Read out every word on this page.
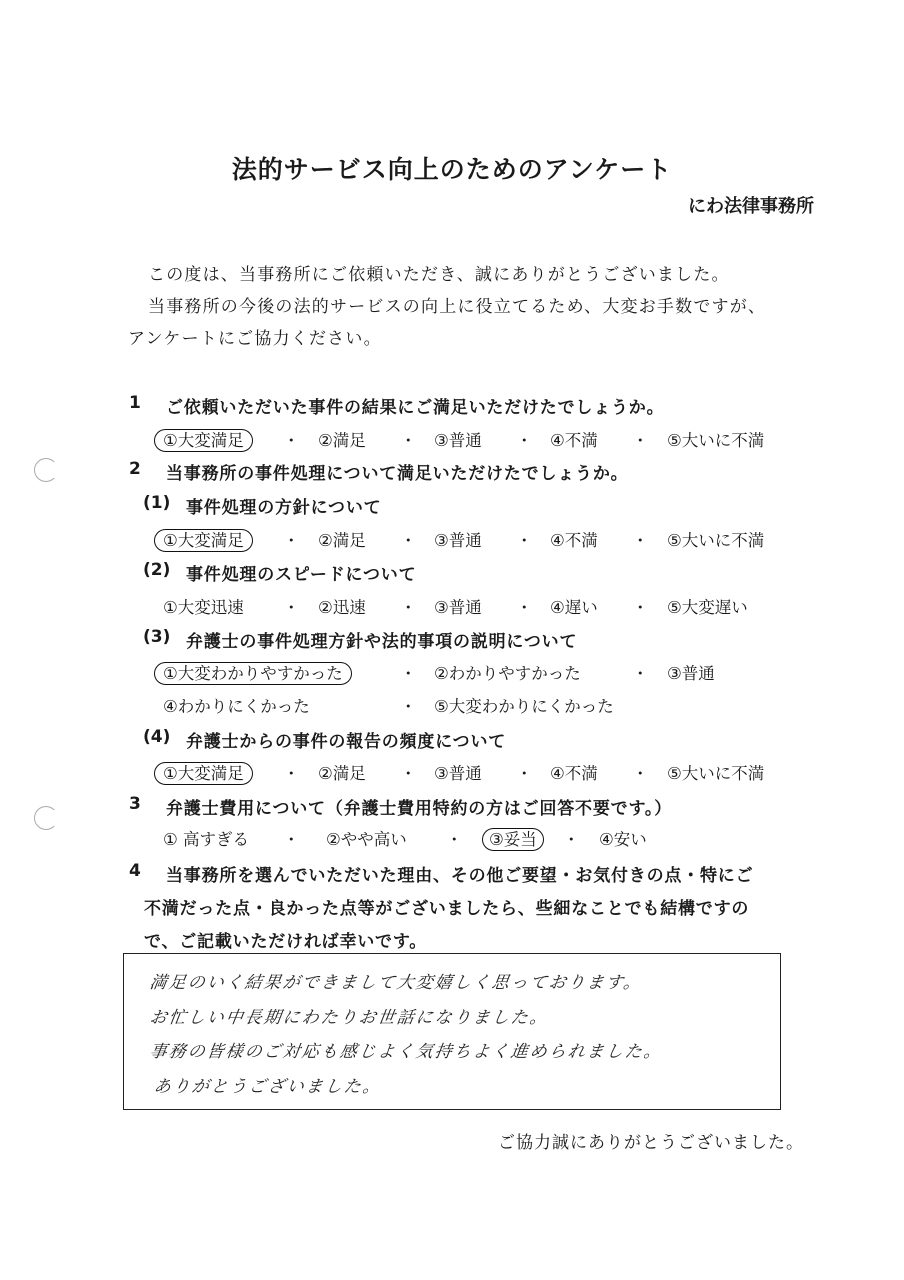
法的サービス向上のためのアンケート
にわ法律事務所
この度は、当事務所にご依頼いただき、誠にありがとうございました。
当事務所の今後の法的サービスの向上に役立てるため、大変お手数ですが、
アンケートにご協力ください。
1 ご依頼いただいた事件の結果にご満足いただけたでしょうか。
①大変満足	・ ②満足 ・ ③普通 ・ ④不満 ・ ⑤大いに不満
2 当事務所の事件処理について満足いただけたでしょうか。
(1) 事件処理の方針について
①大変満足	・ ②満足 ・ ③普通 ・ ④不満 ・ ⑤大いに不満
(2) 事件処理のスピードについて
①大変迅速 ・ ②迅速 ・ ③普通 ・ ④遅い ・ ⑤大変遅い
(3) 弁護士の事件処理方針や法的事項の説明について
①大変わかりやすかった	・ ②わかりやすかった	・ ③普通
④わかりにくかった	・ ⑤大変わかりにくかった
(4) 弁護士からの事件の報告の頻度について
①大変満足	・ ②満足 ・ ③普通 ・ ④不満 ・ ⑤大いに不満
3 弁護士費用について（弁護士費用特約の方はご回答不要です。）
① 高すぎる ・ ②やや高い ・ ③妥当	・ ④安い
4 当事務所を選んでいただいた理由、その他ご要望・お気付きの点・特にご
不満だった点・良かった点等がございましたら、些細なことでも結構ですの
で、ご記載いただければ幸いです。
満足のいく結果ができまして大変嬉しく思っております。
お忙しい中長期にわたりお世話になりました。
事務の皆様のご対応も感じよく気持ちよく進められました。
ありがとうございました。
ご協力誠にありがとうございました。
